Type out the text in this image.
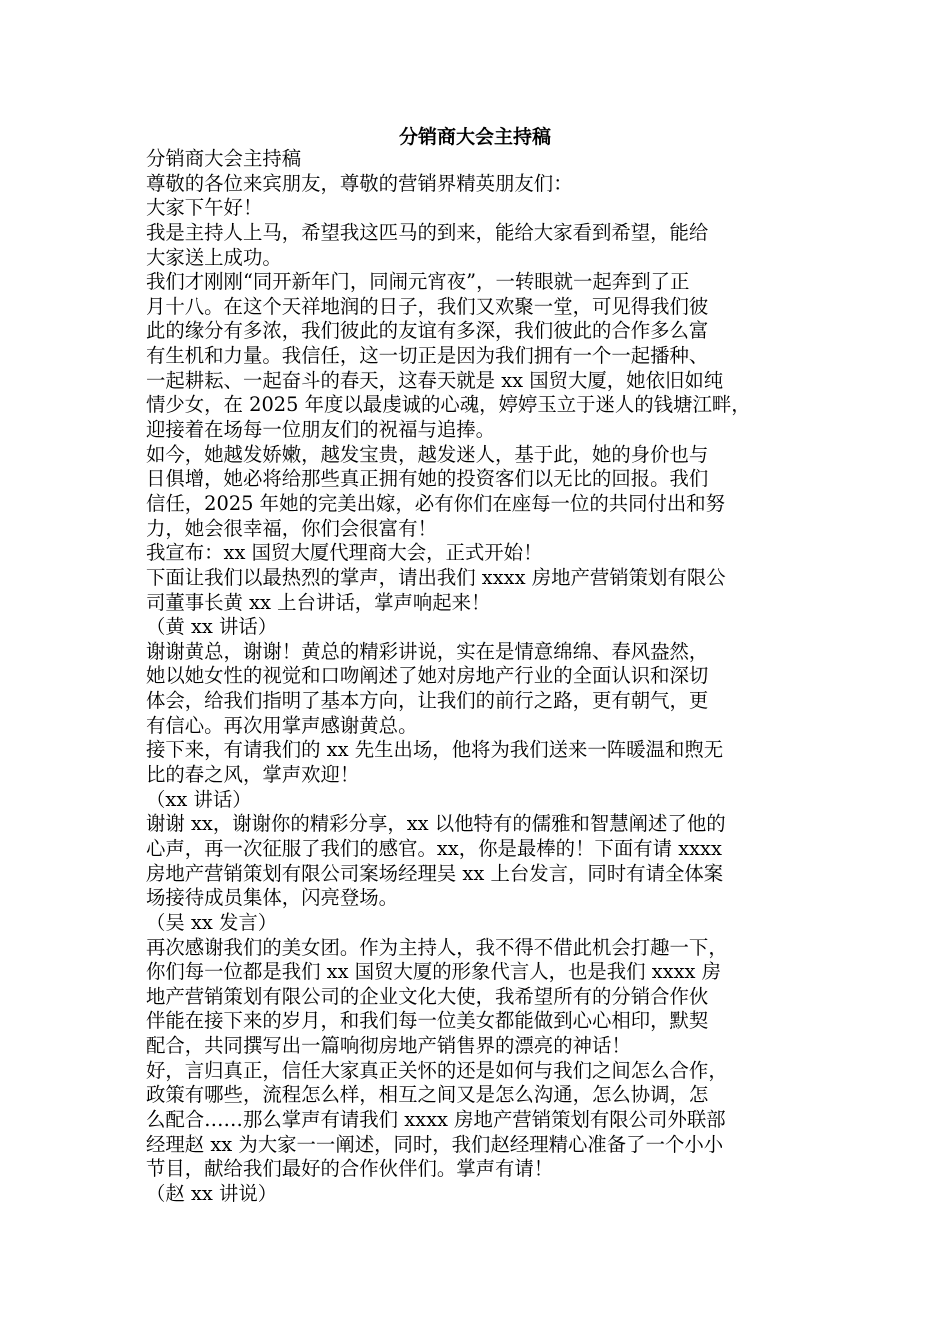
分销商大会主持稿
分销商大会主持稿
尊敬的各位来宾朋友，尊敬的营销界精英朋友们：
大家下午好！
我是主持人上马，希望我这匹马的到来，能给大家看到希望，能给
大家送上成功。
我们才刚刚“同开新年门，同闹元宵夜”，一转眼就一起奔到了正
月十八。在这个天祥地润的日子，我们又欢聚一堂，可见得我们彼
此的缘分有多浓，我们彼此的友谊有多深，我们彼此的合作多么富
有生机和力量。我信任，这一切正是因为我们拥有一个一起播种、
一起耕耘、一起奋斗的春天，这春天就是 xx 国贸大厦，她依旧如纯
情少女，在 2025 年度以最虔诚的心魂，婷婷玉立于迷人的钱塘江畔，
迎接着在场每一位朋友们的祝福与追捧。
如今，她越发娇嫩，越发宝贵，越发迷人，基于此，她的身价也与
日俱增，她必将给那些真正拥有她的投资客们以无比的回报。我们
信任，2025 年她的完美出嫁，必有你们在座每一位的共同付出和努
力，她会很幸福，你们会很富有！
我宣布：xx 国贸大厦代理商大会，正式开始！
下面让我们以最热烈的掌声，请出我们 xxxx 房地产营销策划有限公
司董事长黄 xx 上台讲话，掌声响起来！
（黄 xx 讲话）
谢谢黄总，谢谢！黄总的精彩讲说，实在是情意绵绵、春风盎然，
她以她女性的视觉和口吻阐述了她对房地产行业的全面认识和深切
体会，给我们指明了基本方向，让我们的前行之路，更有朝气，更
有信心。再次用掌声感谢黄总。
接下来，有请我们的 xx 先生出场，他将为我们送来一阵暖温和煦无
比的春之风，掌声欢迎！
（xx 讲话）
谢谢 xx，谢谢你的精彩分享，xx 以他特有的儒雅和智慧阐述了他的
心声，再一次征服了我们的感官。xx，你是最棒的！下面有请 xxxx
房地产营销策划有限公司案场经理吴 xx 上台发言，同时有请全体案
场接待成员集体，闪亮登场。
（吴 xx 发言）
再次感谢我们的美女团。作为主持人，我不得不借此机会打趣一下，
你们每一位都是我们 xx 国贸大厦的形象代言人，也是我们 xxxx 房
地产营销策划有限公司的企业文化大使，我希望所有的分销合作伙
伴能在接下来的岁月，和我们每一位美女都能做到心心相印，默契
配合，共同撰写出一篇响彻房地产销售界的漂亮的神话！
好，言归真正，信任大家真正关怀的还是如何与我们之间怎么合作，
政策有哪些，流程怎么样，相互之间又是怎么沟通，怎么协调，怎
么配合……那么掌声有请我们 xxxx 房地产营销策划有限公司外联部
经理赵 xx 为大家一一阐述，同时，我们赵经理精心准备了一个小小
节目，献给我们最好的合作伙伴们。掌声有请！
（赵 xx 讲说）
